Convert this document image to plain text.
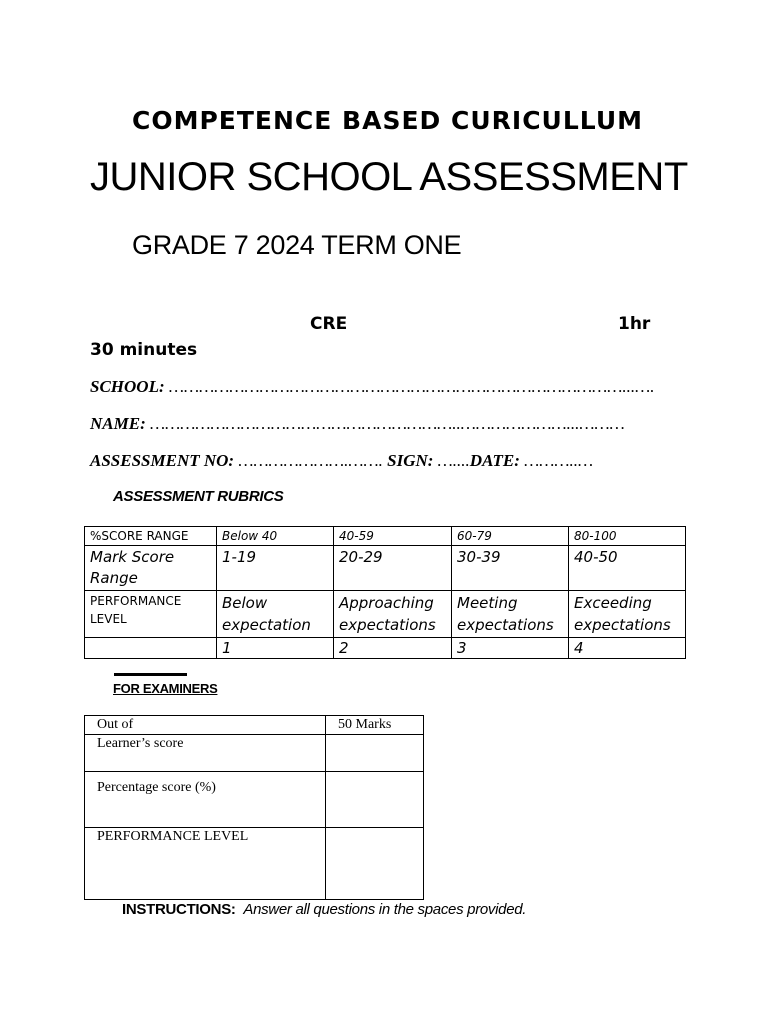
COMPETENCE BASED CURICULLUM
JUNIOR SCHOOL ASSESSMENT
GRADE 7 2024 TERM ONE
CRE	1hr
30 minutes
SCHOOL: ………………………………………………………………………………...….
NAME: ……………………………………………………..…………………...………
ASSESSMENT NO: ………………….……. SIGN: …....DATE: ………..…
ASSESSMENT RUBRICS
%SCORE RANGE	Below 40	40-59	60-79	80-100
Mark Score Range	1-19	20-29	30-39	40-50
PERFORMANCE LEVEL	Below expectation	Approaching expectations	Meeting expectations	Exceeding expectations
	1	2	3	4
FOR EXAMINERS
Out of	50 Marks
Learner’s score	
Percentage score (%)	
PERFORMANCE LEVEL	
INSTRUCTIONS: Answer all questions in the spaces provided.
